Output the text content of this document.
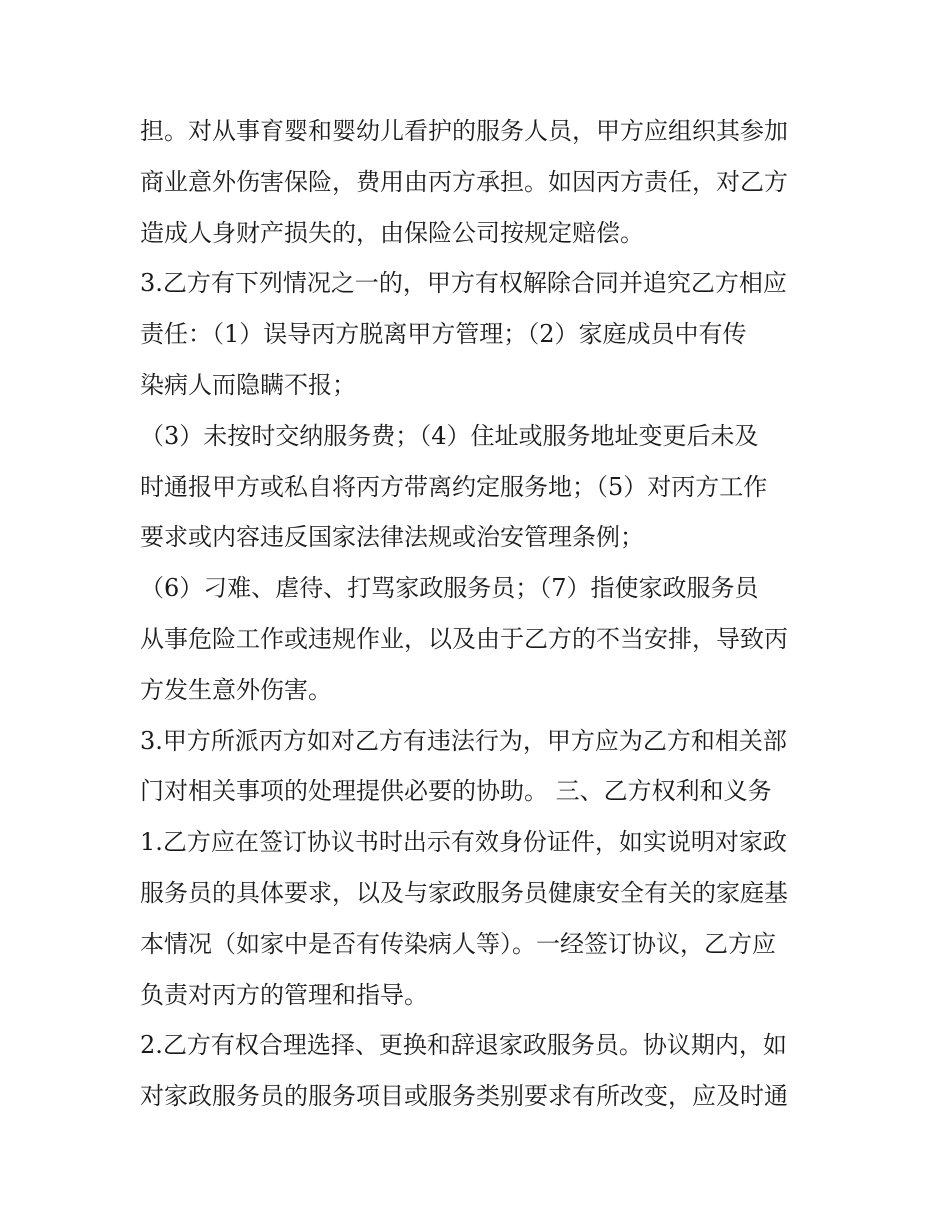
担。对从事育婴和婴幼儿看护的服务人员，甲方应组织其参加
商业意外伤害保险，费用由丙方承担。如因丙方责任，对乙方
造成人身财产损失的，由保险公司按规定赔偿。
3.乙方有下列情况之一的，甲方有权解除合同并追究乙方相应
责任：（1）误导丙方脱离甲方管理；（2）家庭成员中有传
染病人而隐瞒不报；
（3）未按时交纳服务费；（4）住址或服务地址变更后未及
时通报甲方或私自将丙方带离约定服务地；（5）对丙方工作
要求或内容违反国家法律法规或治安管理条例；
（6）刁难、虐待、打骂家政服务员；（7）指使家政服务员
从事危险工作或违规作业，以及由于乙方的不当安排，导致丙
方发生意外伤害。
3.甲方所派丙方如对乙方有违法行为，甲方应为乙方和相关部
门对相关事项的处理提供必要的协助。 三、乙方权利和义务
1.乙方应在签订协议书时出示有效身份证件，如实说明对家政
服务员的具体要求，以及与家政服务员健康安全有关的家庭基
本情况（如家中是否有传染病人等）。一经签订协议，乙方应
负责对丙方的管理和指导。
2.乙方有权合理选择、更换和辞退家政服务员。协议期内，如
对家政服务员的服务项目或服务类别要求有所改变，应及时通
